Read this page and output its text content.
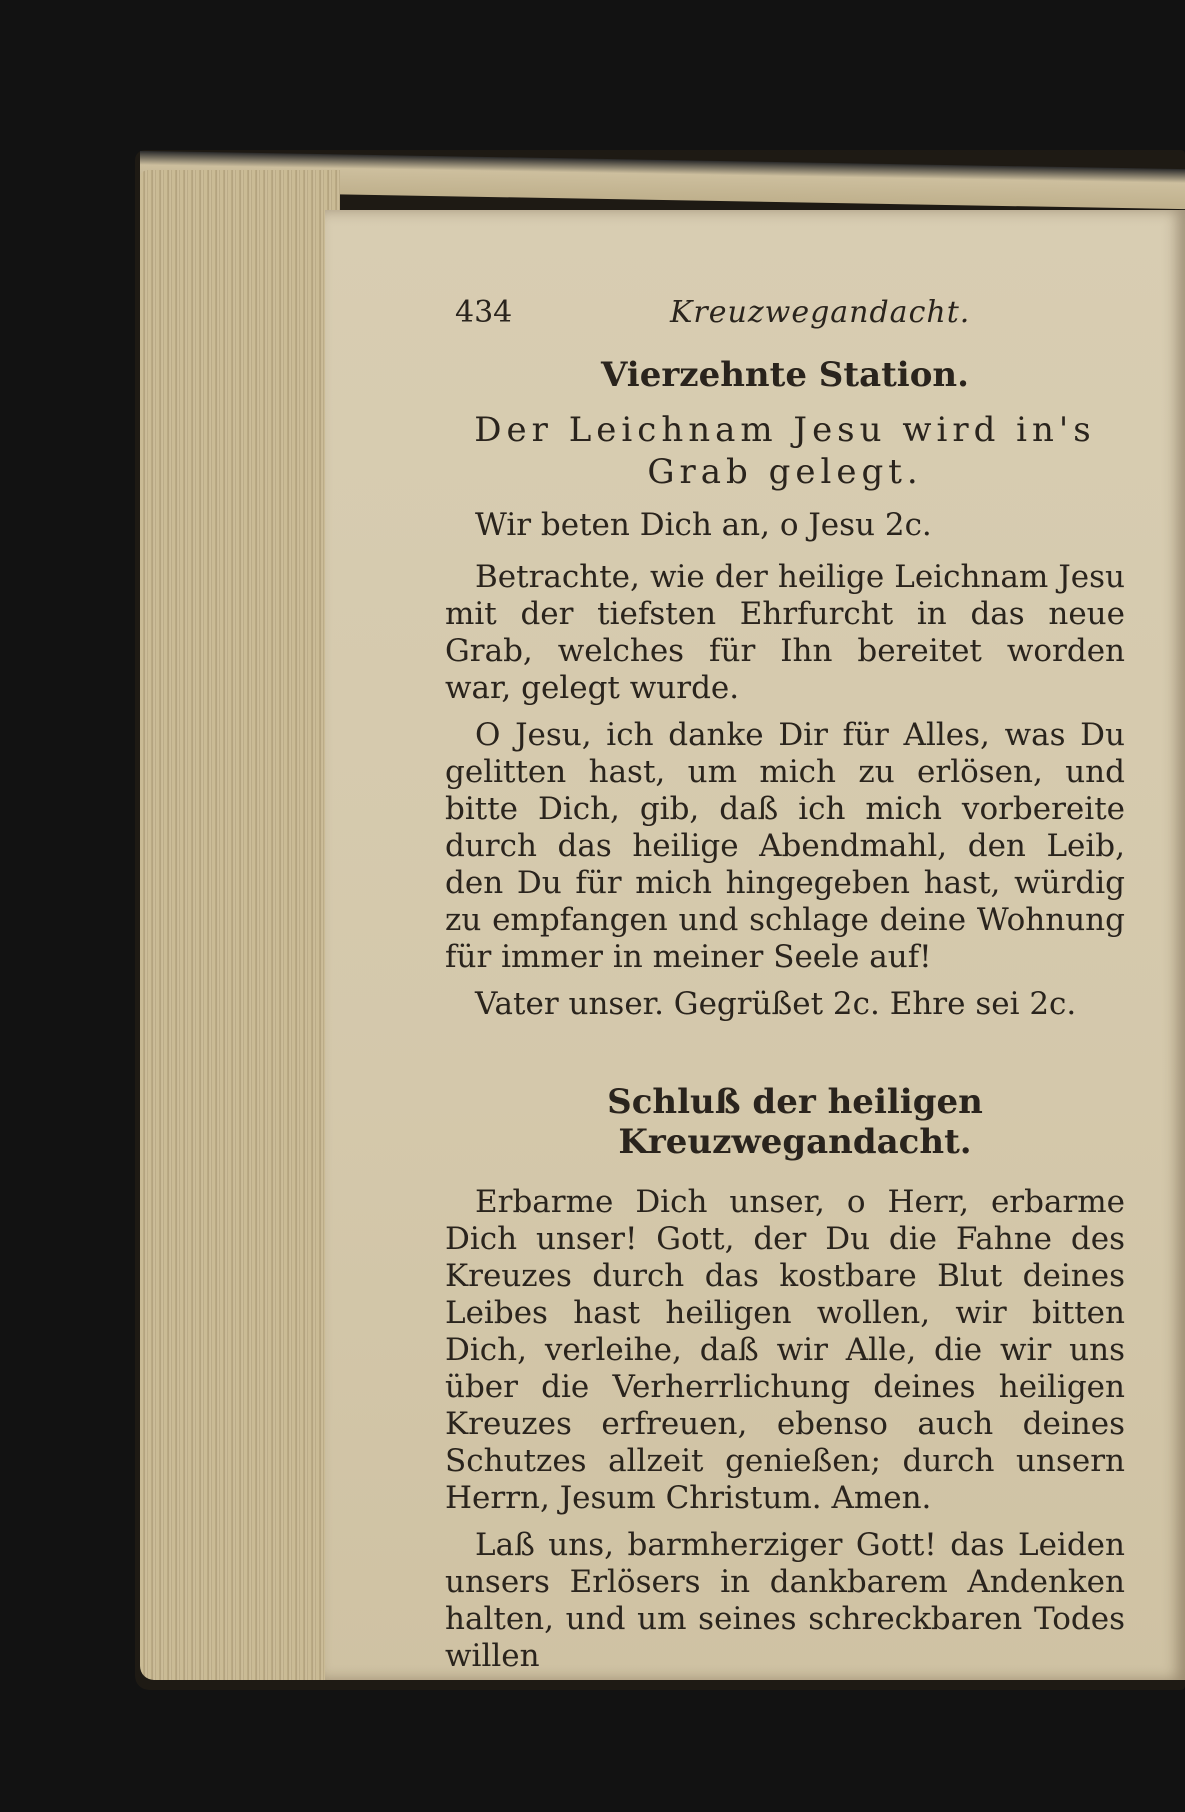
434	Kreuzwegandacht.
Vierzehnte Station.
Der Leichnam Jesu wird in's Grab gelegt.
Wir beten Dich an, o Jesu 2c.

Betrachte, wie der heilige Leichnam Jesu mit der tiefsten Ehrfurcht in das neue Grab, welches für Ihn bereitet worden war, gelegt wurde.

O Jesu, ich danke Dir für Alles, was Du gelitten hast, um mich zu erlösen, und bitte Dich, gib, daß ich mich vorbereite durch das heilige Abendmahl, den Leib, den Du für mich hingegeben hast, würdig zu empfangen und schlage deine Wohnung für immer in meiner Seele auf!

Vater unser. Gegrüßet 2c. Ehre sei 2c.
Schluß der heiligen Kreuzwegandacht.

Erbarme Dich unser, o Herr, erbarme Dich unser! Gott, der Du die Fahne des Kreuzes durch das kostbare Blut deines Leibes hast heiligen wollen, wir bitten Dich, verleihe, daß wir Alle, die wir uns über die Verherrlichung deines heiligen Kreuzes erfreuen, ebenso auch deines Schutzes allzeit genießen; durch unsern Herrn, Jesum Christum. Amen.

Laß uns, barmherziger Gott! das Leiden unsers Erlösers in dankbarem Andenken halten, und um seines schreckbaren Todes willen
